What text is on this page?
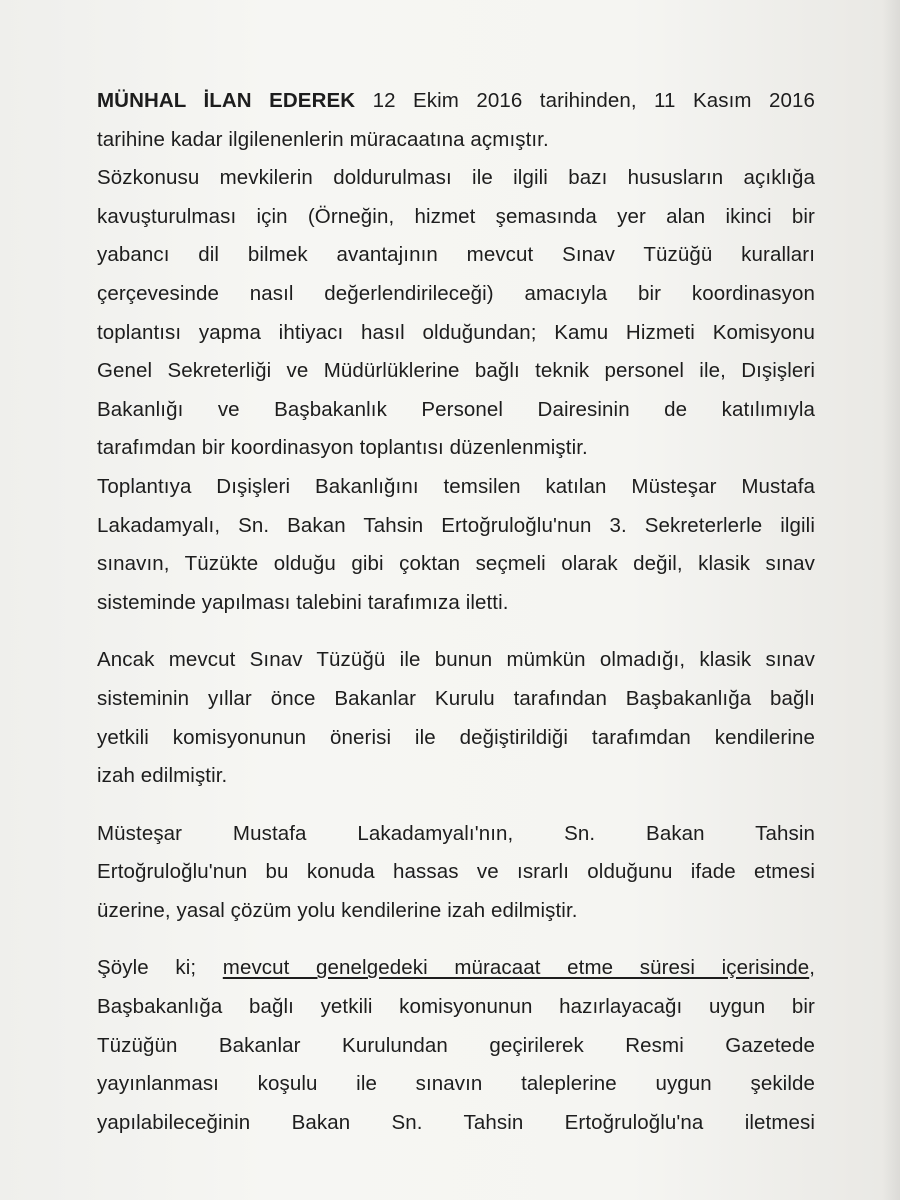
MÜNHAL İLAN EDEREK 12 Ekim 2016 tarihinden, 11 Kasım 2016
tarihine kadar ilgilenenlerin müracaatına açmıştır.
Sözkonusu mevkilerin doldurulması ile ilgili bazı hususların açıklığa
kavuşturulması için (Örneğin, hizmet şemasında yer alan ikinci bir
yabancı dil bilmek avantajının mevcut Sınav Tüzüğü kuralları
çerçevesinde nasıl değerlendirileceği) amacıyla bir koordinasyon
toplantısı yapma ihtiyacı hasıl olduğundan; Kamu Hizmeti Komisyonu
Genel Sekreterliği ve Müdürlüklerine bağlı teknik personel ile, Dışişleri
Bakanlığı ve Başbakanlık Personel Dairesinin de katılımıyla
tarafımdan bir koordinasyon toplantısı düzenlenmiştir.
Toplantıya Dışişleri Bakanlığını temsilen katılan Müsteşar Mustafa
Lakadamyalı, Sn. Bakan Tahsin Ertoğruloğlu'nun 3. Sekreterlerle ilgili
sınavın, Tüzükte olduğu gibi çoktan seçmeli olarak değil, klasik sınav
sisteminde yapılması talebini tarafımıza iletti.
Ancak mevcut Sınav Tüzüğü ile bunun mümkün olmadığı, klasik sınav
sisteminin yıllar önce Bakanlar Kurulu tarafından Başbakanlığa bağlı
yetkili komisyonunun önerisi ile değiştirildiği tarafımdan kendilerine
izah edilmiştir.
Müsteşar Mustafa Lakadamyalı'nın, Sn. Bakan Tahsin
Ertoğruloğlu'nun bu konuda hassas ve ısrarlı olduğunu ifade etmesi
üzerine, yasal çözüm yolu kendilerine izah edilmiştir.
Şöyle ki; mevcut genelgedeki müracaat etme süresi içerisinde,
Başbakanlığa bağlı yetkili komisyonunun hazırlayacağı uygun bir
Tüzüğün Bakanlar Kurulundan geçirilerek Resmi Gazetede
yayınlanması koşulu ile sınavın taleplerine uygun şekilde
yapılabileceğinin Bakan Sn. Tahsin Ertoğruloğlu'na iletmesi
